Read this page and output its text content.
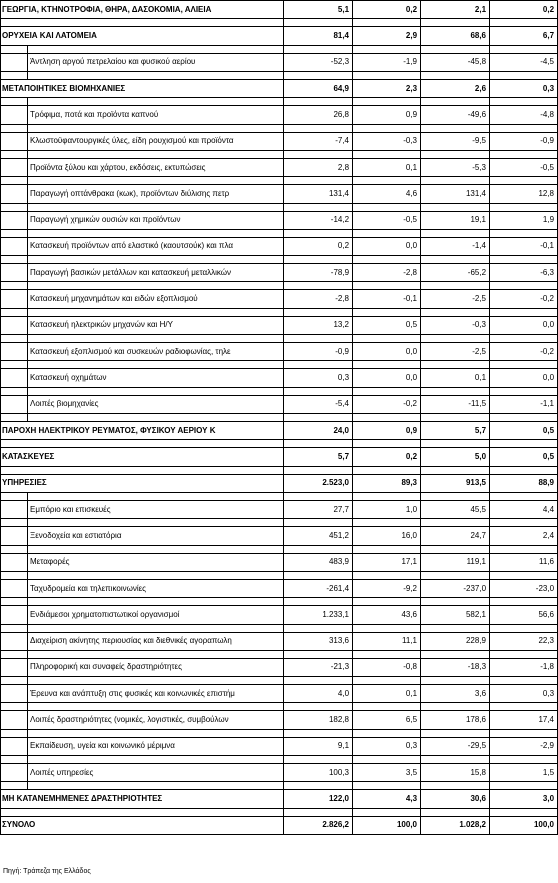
ΓΕΩΡΓΙΑ, ΚΤΗΝΟΤΡΟΦΙΑ, ΘΗΡΑ, ΔΑΣΟΚΟΜΙΑ, ΑΛΙΕΙΑ		5,1	0,2	2,1	0,2

ΟΡΥΧΕΙΑ ΚΑΙ ΛΑΤΟΜΕΙΑ		81,4	2,9	68,6	6,7

	Άντληση αργού πετρελαίου και φυσικού αερίου	-52,3	-1,9	-45,8	-4,5

ΜΕΤΑΠΟΙΗΤΙΚΕΣ ΒΙΟΜΗΧΑΝΙΕΣ		64,9	2,3	2,6	0,3

	Τρόφιμα, ποτά και προϊόντα καπνού	26,8	0,9	-49,6	-4,8

	Κλωστοϋφαντουργικές ύλες, είδη ρουχισμού και προϊόντα	-7,4	-0,3	-9,5	-0,9

	Προϊόντα ξύλου και χάρτου, εκδόσεις, εκτυπώσεις	2,8	0,1	-5,3	-0,5

	Παραγωγή οπτάνθρακα (κωκ), προϊόντων διύλισης πετρ	131,4	4,6	131,4	12,8

	Παραγωγή χημικών ουσιών και προϊόντων	-14,2	-0,5	19,1	1,9

	Κατασκευή προϊόντων από ελαστικό (καουτσούκ) και πλα	0,2	0,0	-1,4	-0,1

	Παραγωγή βασικών μετάλλων και κατασκευή μεταλλικών	-78,9	-2,8	-65,2	-6,3

	Κατασκευή μηχανημάτων και ειδών εξοπλισμού	-2,8	-0,1	-2,5	-0,2

	Κατασκευή ηλεκτρικών μηχανών και Η/Υ	13,2	0,5	-0,3	0,0

	Κατασκευή εξοπλισμού και συσκευών ραδιοφωνίας, τηλε	-0,9	0,0	-2,5	-0,2

	Κατασκευή οχημάτων	0,3	0,0	0,1	0,0

	Λοιπές βιομηχανίες	-5,4	-0,2	-11,5	-1,1

ΠΑΡΟΧΗ ΗΛΕΚΤΡΙΚΟΥ ΡΕΥΜΑΤΟΣ, ΦΥΣΙΚΟΥ ΑΕΡΙΟΥ Κ		24,0	0,9	5,7	0,5

ΚΑΤΑΣΚΕΥΕΣ		5,7	0,2	5,0	0,5

ΥΠΗΡΕΣΙΕΣ		2.523,0	89,3	913,5	88,9

	Εμπόριο και επισκευές	27,7	1,0	45,5	4,4

	Ξενοδοχεία και εστιατόρια	451,2	16,0	24,7	2,4

	Μεταφορές	483,9	17,1	119,1	11,6

	Ταχυδρομεία και τηλεπικοινωνίες	-261,4	-9,2	-237,0	-23,0

	Ενδιάμεσοι χρηματοπιστωτικοί οργανισμοί	1.233,1	43,6	582,1	56,6

	Διαχείριση ακίνητης περιουσίας και διεθνικές αγοραπωλη	313,6	11,1	228,9	22,3

	Πληροφορική και συναφείς δραστηριότητες	-21,3	-0,8	-18,3	-1,8

	Έρευνα και ανάπτυξη στις φυσικές και κοινωνικές επιστήμ	4,0	0,1	3,6	0,3

	Λοιπές δραστηριότητες (νομικές, λογιστικές, συμβούλων	182,8	6,5	178,6	17,4

	Εκπαίδευση, υγεία και κοινωνικό μέριμνα	9,1	0,3	-29,5	-2,9

	Λοιπές υπηρεσίες	100,3	3,5	15,8	1,5

ΜΗ ΚΑΤΑΝΕΜΗΜΕΝΕΣ ΔΡΑΣΤΗΡΙΟΤΗΤΕΣ		122,0	4,3	30,6	3,0

ΣΥΝΟΛΟ		2.826,2	100,0	1.028,2	100,0
Πηγή: Τράπεζα της Ελλάδος
